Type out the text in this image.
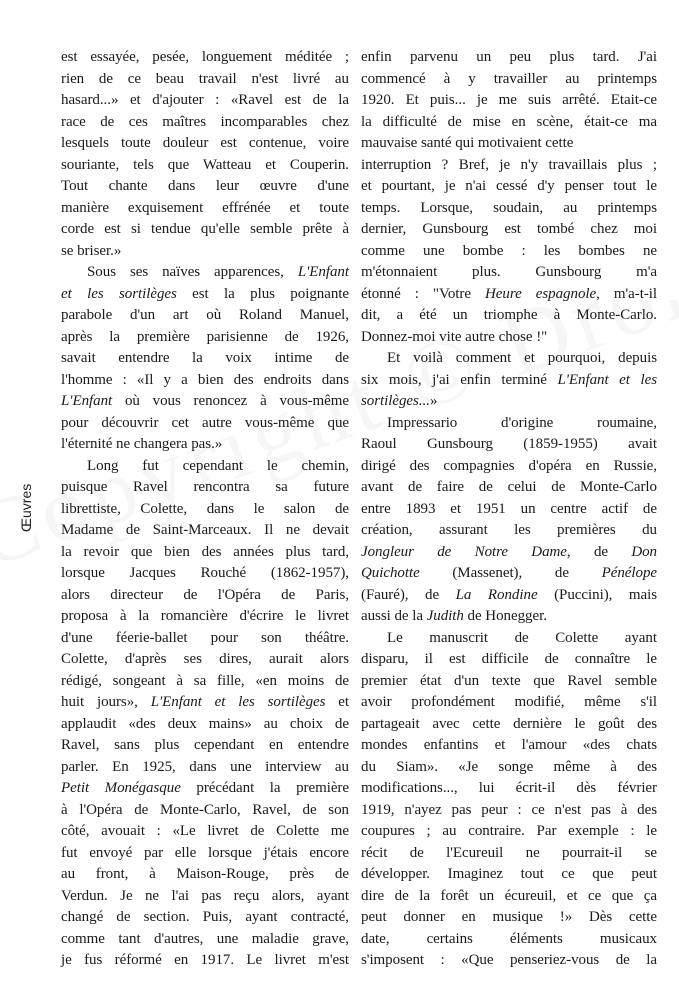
Œuvres
est essayée, pesée, longuement méditée ;
rien de ce beau travail n'est livré au
hasard...» et d'ajouter : «Ravel est de la
race de ces maîtres incomparables chez
lesquels toute douleur est contenue, voire
souriante, tels que Watteau et Couperin.
Tout chante dans leur œuvre d'une
manière exquisement effrénée et toute
corde est si tendue qu'elle semble prête à
se briser.»
Sous ses naïves apparences, L'Enfant
et les sortilèges est la plus poignante
parabole d'un art où Roland Manuel,
après la première parisienne de 1926,
savait entendre la voix intime de
l'homme : «Il y a bien des endroits dans
L'Enfant où vous renoncez à vous-même
pour découvrir cet autre vous-même que
l'éternité ne changera pas.»
Long fut cependant le chemin,
puisque Ravel rencontra sa future
librettiste, Colette, dans le salon de
Madame de Saint-Marceaux. Il ne devait
la revoir que bien des années plus tard,
lorsque Jacques Rouché (1862-1957),
alors directeur de l'Opéra de Paris,
proposa à la romancière d'écrire le livret
d'une féerie-ballet pour son théâtre.
Colette, d'après ses dires, aurait alors
rédigé, songeant à sa fille, «en moins de
huit jours», L'Enfant et les sortilèges et
applaudit «des deux mains» au choix de
Ravel, sans plus cependant en entendre
parler. En 1925, dans une interview au
Petit Monégasque précédant la première
à l'Opéra de Monte-Carlo, Ravel, de son
côté, avouait : «Le livret de Colette me
fut envoyé par elle lorsque j'étais encore
au front, à Maison-Rouge, près de
Verdun. Je ne l'ai pas reçu alors, ayant
changé de section. Puis, ayant contracté,
comme tant d'autres, une maladie grave,
je fus réformé en 1917. Le livret m'est
enfin parvenu un peu plus tard. J'ai
commencé à y travailler au printemps
1920. Et puis... je me suis arrêté. Etait-ce
la difficulté de mise en scène, était-ce ma
mauvaise santé qui motivaient cette
interruption ? Bref, je n'y travaillais plus ;
et pourtant, je n'ai cessé d'y penser tout le
temps. Lorsque, soudain, au printemps
dernier, Gunsbourg est tombé chez moi
comme une bombe : les bombes ne
m'étonnaient plus. Gunsbourg m'a
étonné : "Votre Heure espagnole, m'a-t-il
dit, a été un triomphe à Monte-Carlo.
Donnez-moi vite autre chose !"
Et voilà comment et pourquoi, depuis
six mois, j'ai enfin terminé L'Enfant et les
sortilèges...»
Impressario d'origine roumaine,
Raoul Gunsbourg (1859-1955) avait
dirigé des compagnies d'opéra en Russie,
avant de faire de celui de Monte-Carlo
entre 1893 et 1951 un centre actif de
création, assurant les premières du
Jongleur de Notre Dame, de Don
Quichotte (Massenet), de Pénélope
(Fauré), de La Rondine (Puccini), mais
aussi de la Judith de Honegger.
Le manuscrit de Colette ayant
disparu, il est difficile de connaître le
premier état d'un texte que Ravel semble
avoir profondément modifié, même s'il
partageait avec cette dernière le goût des
mondes enfantins et l'amour «des chats
du Siam». «Je songe même à des
modifications..., lui écrit-il dès février
1919, n'ayez pas peur : ce n'est pas à des
coupures ; au contraire. Par exemple : le
récit de l'Ecureuil ne pourrait-il se
développer. Imaginez tout ce que peut
dire de la forêt un écureuil, et ce que ça
peut donner en musique !» Dès cette
date, certains éléments musicaux
s'imposent : «Que penseriez-vous de la
